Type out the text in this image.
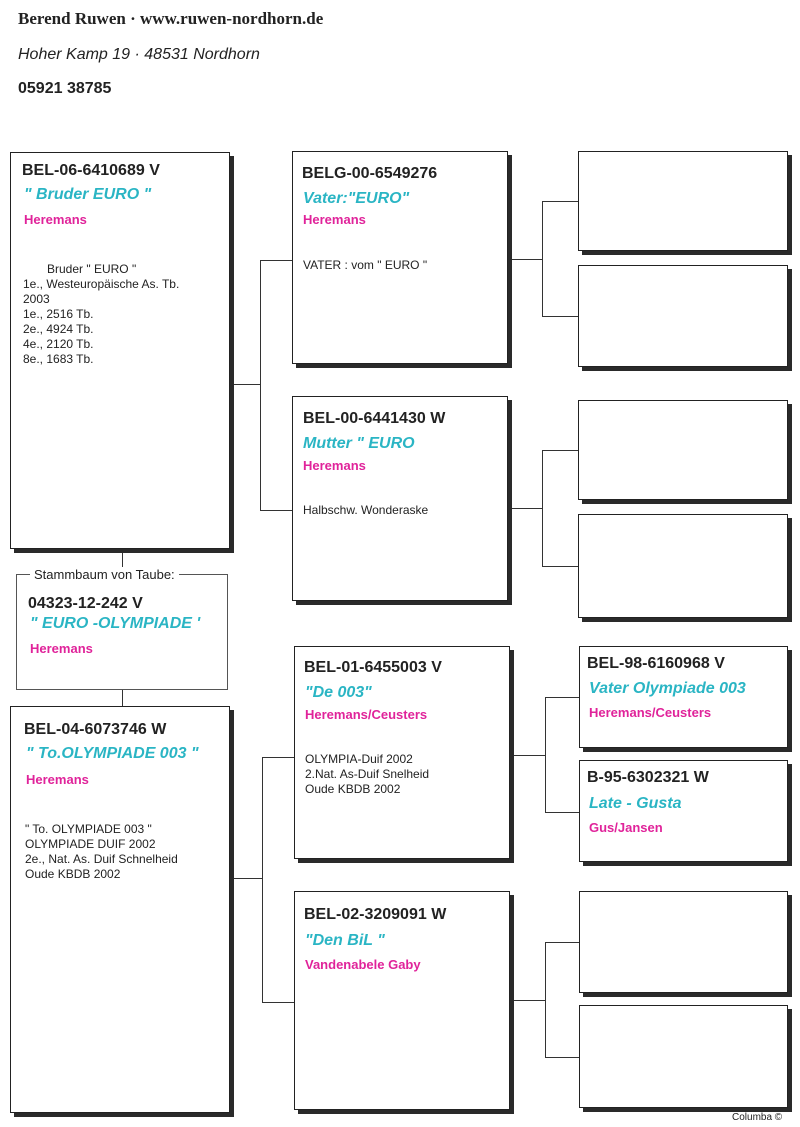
Berend Ruwen · www.ruwen-nordhorn.de
Hoher Kamp 19 · 48531 Nordhorn
05921 38785
Stammbaum von Taube:
04323-12-242 V
" EURO -OLYMPIADE '
Heremans
BEL-06-6410689 V
" Bruder EURO "
Heremans
Bruder " EURO "
1e., Westeuropäische As. Tb.
2003
1e., 2516 Tb.
2e., 4924 Tb.
4e., 2120 Tb.
8e., 1683 Tb.
BEL-04-6073746 W
" To.OLYMPIADE 003 "
Heremans
" To. OLYMPIADE 003 "
OLYMPIADE DUIF 2002
2e., Nat. As. Duif Schnelheid
Oude KBDB 2002
BELG-00-6549276
Vater:"EURO"
Heremans
VATER : vom " EURO "
BEL-00-6441430 W
Mutter " EURO
Heremans
Halbschw. Wonderaske
BEL-01-6455003 V
"De 003"
Heremans/Ceusters
OLYMPIA-Duif 2002
2.Nat. As-Duif Snelheid
Oude KBDB 2002
BEL-02-3209091 W
"Den BiL "
Vandenabele Gaby
BEL-98-6160968 V
Vater Olympiade 003
Heremans/Ceusters
B-95-6302321 W
Late - Gusta
Gus/Jansen
Columba ©
